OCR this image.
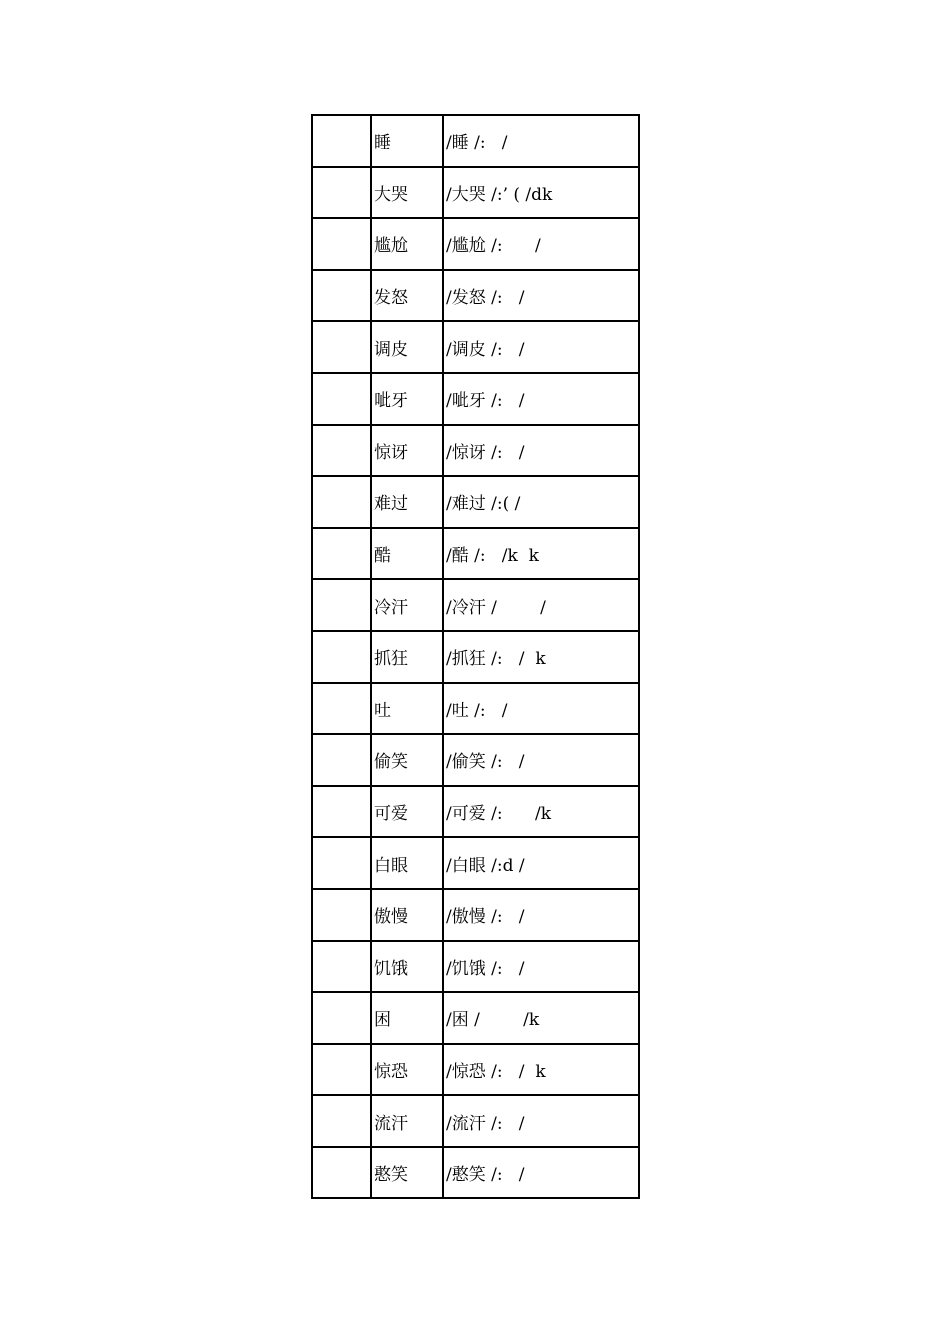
	睡	/睡 /:   /
	大哭	/大哭 /:’ ( /dk
	尴尬	/尴尬 /:      /
	发怒	/发怒 /:   /
	调皮	/调皮 /:   /
	呲牙	/呲牙 /:   /
	惊讶	/惊讶 /:   /
	难过	/难过 /:( /
	酷	/酷 /:   /k  k
	冷汗	/冷汗 /        /
	抓狂	/抓狂 /:   /  k
	吐	/吐 /:   /
	偷笑	/偷笑 /:   /
	可爱	/可爱 /:      /k
	白眼	/白眼 /:d /
	傲慢	/傲慢 /:   /
	饥饿	/饥饿 /:   /
	困	/困 /        /k
	惊恐	/惊恐 /:   /  k
	流汗	/流汗 /:   /
	憨笑	/憨笑 /:   /
